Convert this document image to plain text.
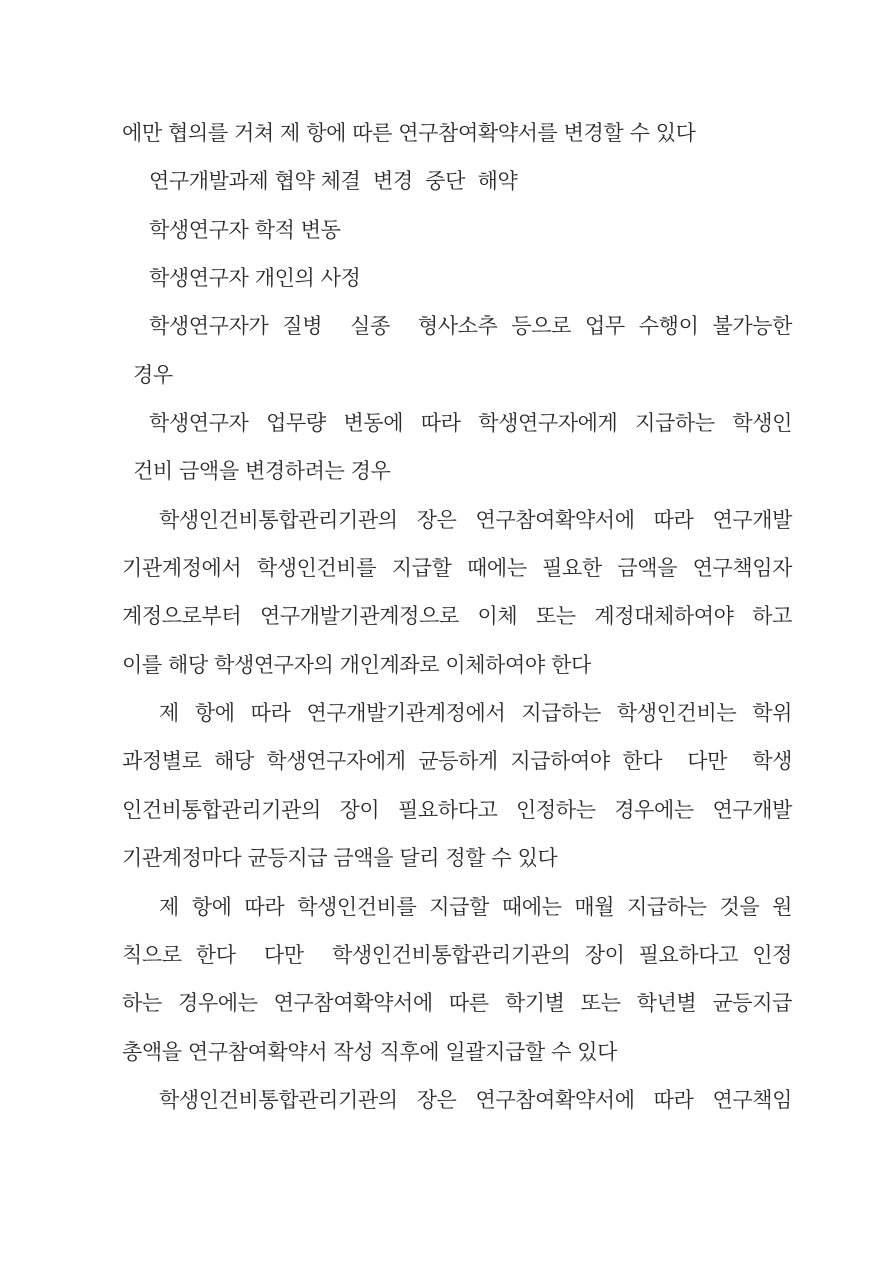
에만 협의를 거쳐 제 항에 따른 연구참여확약서를 변경할 수 있다
연구개발과제 협약 체결  변경  중단  해약
학생연구자 학적 변동
학생연구자 개인의 사정
학생연구자가 질병  실종  형사소추 등으로 업무 수행이 불가능한
경우
학생연구자 업무량 변동에 따라 학생연구자에게 지급하는 학생인
건비 금액을 변경하려는 경우
학생인건비통합관리기관의 장은 연구참여확약서에 따라 연구개발
기관계정에서 학생인건비를 지급할 때에는 필요한 금액을 연구책임자
계정으로부터 연구개발기관계정으로 이체 또는 계정대체하여야 하고
이를 해당 학생연구자의 개인계좌로 이체하여야 한다
제 항에 따라 연구개발기관계정에서 지급하는 학생인건비는 학위
과정별로 해당 학생연구자에게 균등하게 지급하여야 한다  다만  학생
인건비통합관리기관의 장이 필요하다고 인정하는 경우에는 연구개발
기관계정마다 균등지급 금액을 달리 정할 수 있다
제 항에 따라 학생인건비를 지급할 때에는 매월 지급하는 것을 원
칙으로 한다  다만  학생인건비통합관리기관의 장이 필요하다고 인정
하는 경우에는 연구참여확약서에 따른 학기별 또는 학년별 균등지급
총액을 연구참여확약서 작성 직후에 일괄지급할 수 있다
학생인건비통합관리기관의 장은 연구참여확약서에 따라 연구책임
